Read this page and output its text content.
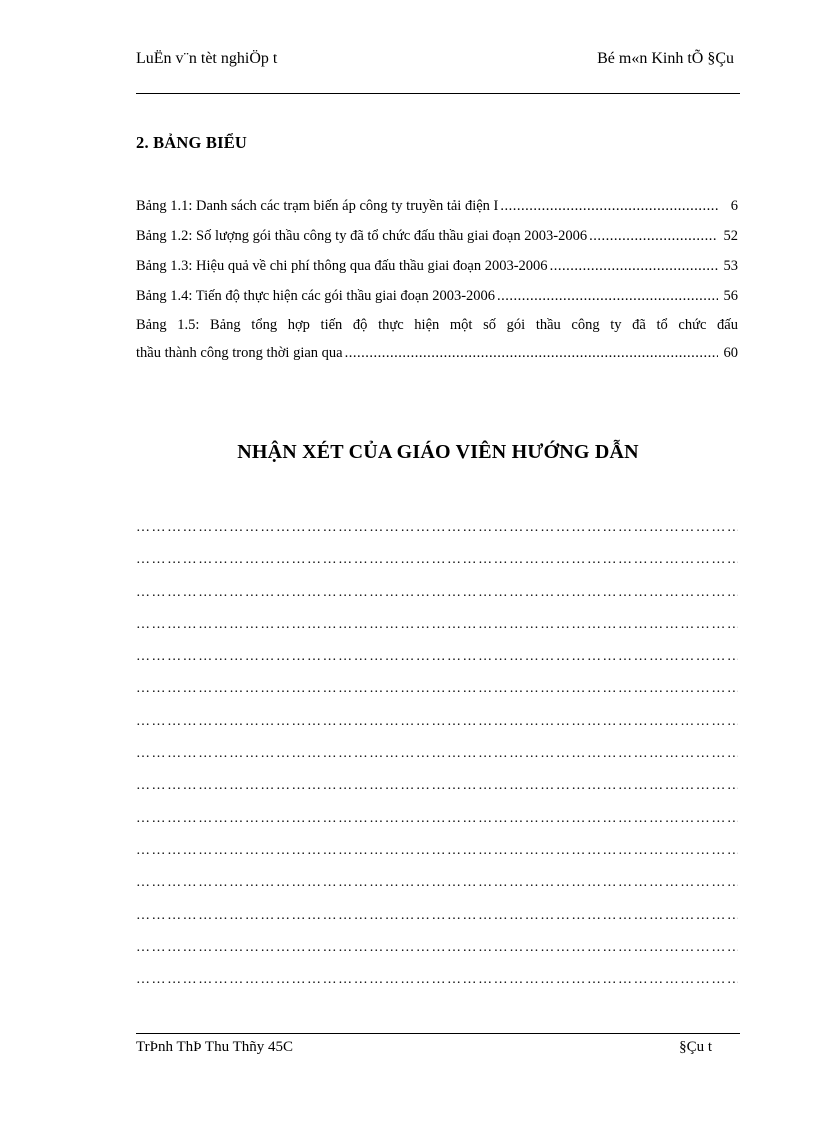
LuËn v¨n tèt nghiÖp t	Bé m«n Kinh tÕ §Çu
2. BẢNG BIỂU
Bảng 1.1: Danh sách các trạm biến áp công ty truyền tải điện I .....	6
Bảng 1.2: Số lượng gói thầu công ty đã tổ chức đấu thầu giai đoạn 2003-2006 .....	52
Bảng 1.3: Hiệu quả về chi phí thông qua đấu thầu giai đoạn 2003-2006 .....	53
Bảng 1.4: Tiến độ thực hiện các gói thầu giai đoạn 2003-2006 .....	56
Bảng 1.5: Bảng tổng hợp tiến độ thực hiện một số gói thầu công ty đã tổ chức đấu
thầu thành công trong thời gian qua .....	60
NHẬN XÉT CỦA GIÁO VIÊN HƯỚNG DẪN
……………………………………………………………………………………………………….
……………………………………………………………………………………………………….
……………………………………………………………………………………………………….
……………………………………………………………………………………………………….
……………………………………………………………………………………………………….
……………………………………………………………………………………………………….
……………………………………………………………………………………………………….
……………………………………………………………………………………………………….
……………………………………………………………………………………………………….
……………………………………………………………………………………………………….
……………………………………………………………………………………………………….
……………………………………………………………………………………………………….
……………………………………………………………………………………………………….
……………………………………………………………………………………………………….
……………………………………………………………………………………………………….
TrÞnh ThÞ Thu Thñy 45C	§Çu t
